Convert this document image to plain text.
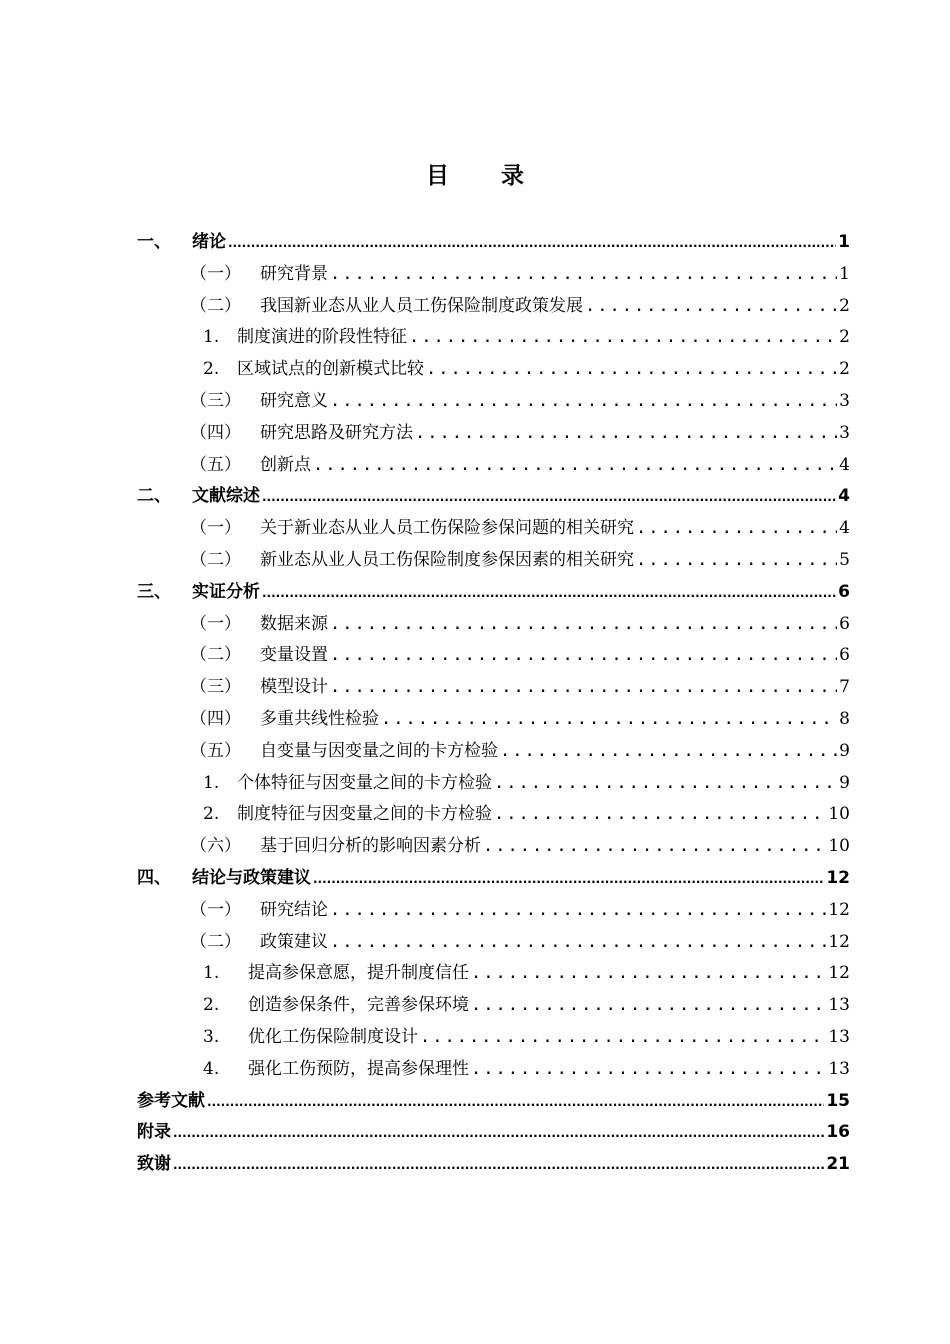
目 录
一、	绪论 .....	1
（一）	研究背景 .....	1
（二）	我国新业态从业人员工伤保险制度政策发展 .....	2
1.	制度演进的阶段性特征 .....	2
2.	区域试点的创新模式比较 .....	2
（三）	研究意义 .....	3
（四）	研究思路及研究方法 .....	3
（五）	创新点 .....	4
二、	文献综述 .....	4
（一）	关于新业态从业人员工伤保险参保问题的相关研究 .....	4
（二）	新业态从业人员工伤保险制度参保因素的相关研究 .....	5
三、	实证分析 .....	6
（一）	数据来源 .....	6
（二）	变量设置 .....	6
（三）	模型设计 .....	7
（四）	多重共线性检验 .....	8
（五）	自变量与因变量之间的卡方检验 .....	9
1.	个体特征与因变量之间的卡方检验 .....	9
2.	制度特征与因变量之间的卡方检验 .....	10
（六）	基于回归分析的影响因素分析 .....	10
四、	结论与政策建议 .....	12
（一）	研究结论 .....	12
（二）	政策建议 .....	12
1.	提高参保意愿，提升制度信任 .....	12
2.	创造参保条件，完善参保环境 .....	13
3.	优化工伤保险制度设计 .....	13
4.	强化工伤预防，提高参保理性 .....	13
参考文献 .....	15
附录 .....	16
致谢 .....	21
